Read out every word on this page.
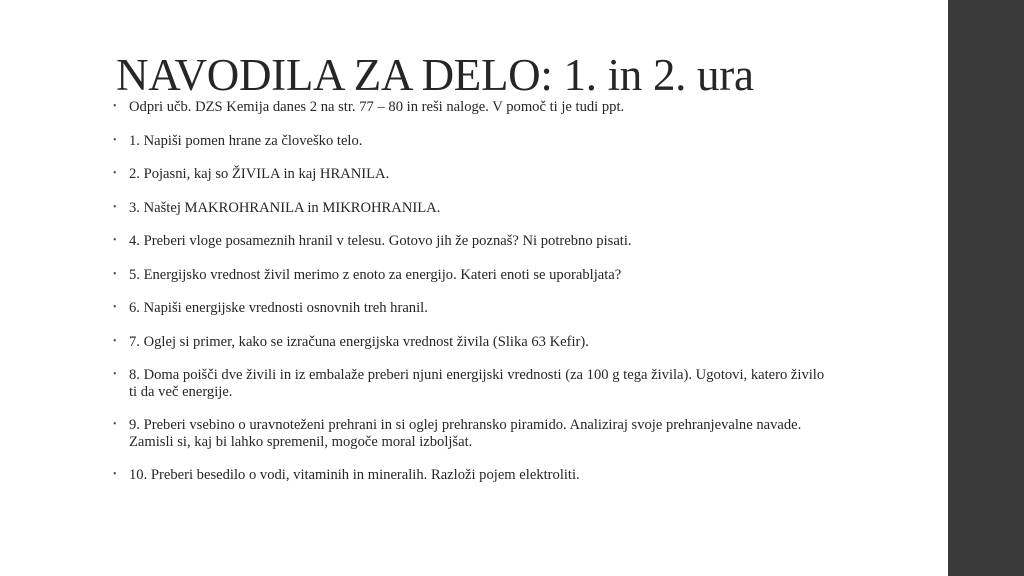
NAVODILA ZA DELO: 1. in 2. ura
• Odpri učb. DZS Kemija danes 2 na str. 77 – 80 in reši naloge. V pomoč ti je tudi ppt.
• 1. Napiši pomen hrane za človeško telo.
• 2. Pojasni, kaj so ŽIVILA in kaj HRANILA.
• 3. Naštej MAKROHRANILA in MIKROHRANILA.
• 4. Preberi vloge posameznih hranil v telesu. Gotovo jih že poznaš? Ni potrebno pisati.
• 5. Energijsko vrednost živil merimo z enoto za energijo. Kateri enoti se uporabljata?
• 6. Napiši energijske vrednosti osnovnih treh hranil.
• 7. Oglej si primer, kako se izračuna energijska vrednost živila (Slika 63 Kefir).
• 8. Doma poišči dve živili in iz embalaže preberi njuni energijski vrednosti (za 100 g tega živila). Ugotovi, katero živilo ti da več energije.
• 9. Preberi vsebino o uravnoteženi prehrani in si oglej prehransko piramido. Analiziraj svoje prehranjevalne navade. Zamisli si, kaj bi lahko spremenil, mogoče moral izboljšat.
• 10. Preberi besedilo o vodi, vitaminih in mineralih. Razloži pojem elektroliti.
